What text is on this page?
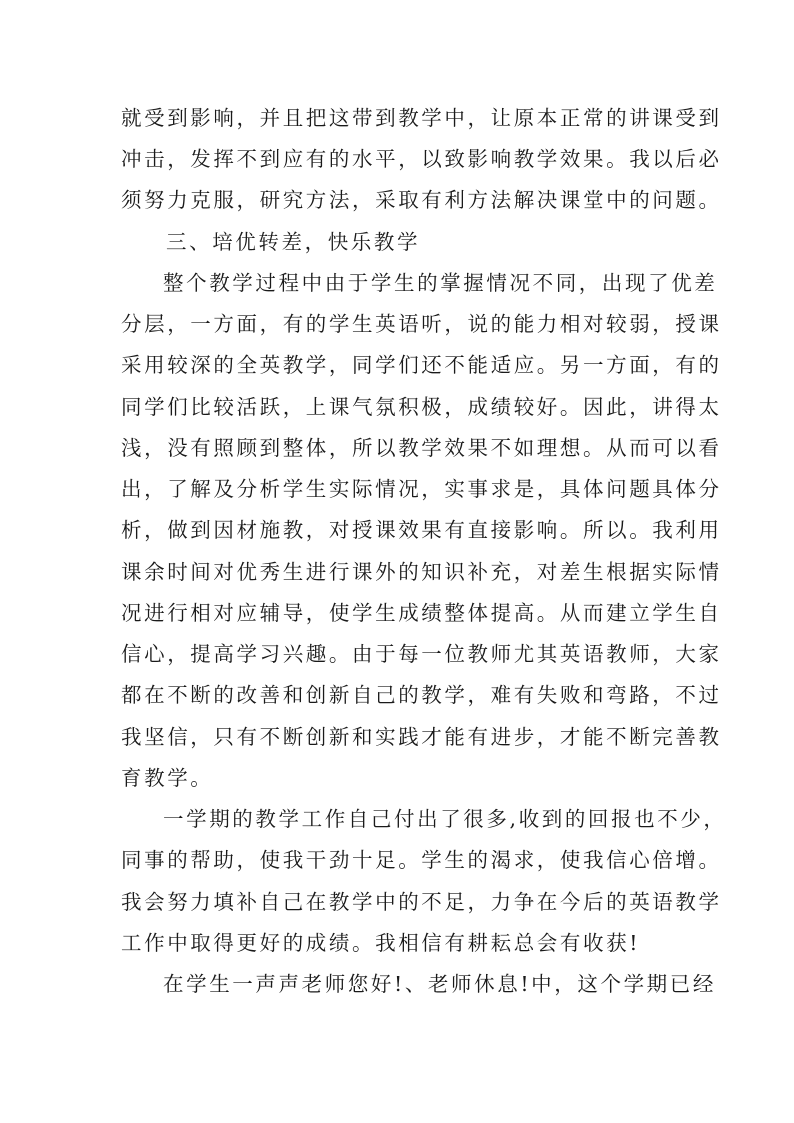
就受到影响，并且把这带到教学中，让原本正常的讲课受到
冲击，发挥不到应有的水平，以致影响教学效果。我以后必
须努力克服，研究方法，采取有利方法解决课堂中的问题。
三、培优转差，快乐教学
整个教学过程中由于学生的掌握情况不同，出现了优差
分层，一方面，有的学生英语听，说的能力相对较弱，授课
采用较深的全英教学，同学们还不能适应。另一方面，有的
同学们比较活跃，上课气氛积极，成绩较好。因此，讲得太
浅，没有照顾到整体，所以教学效果不如理想。从而可以看
出，了解及分析学生实际情况，实事求是，具体问题具体分
析，做到因材施教，对授课效果有直接影响。所以。我利用
课余时间对优秀生进行课外的知识补充，对差生根据实际情
况进行相对应辅导，使学生成绩整体提高。从而建立学生自
信心，提高学习兴趣。由于每一位教师尤其英语教师，大家
都在不断的改善和创新自己的教学，难有失败和弯路，不过
我坚信，只有不断创新和实践才能有进步，才能不断完善教
育教学。
一学期的教学工作自己付出了很多,收到的回报也不少，
同事的帮助，使我干劲十足。学生的渴求，使我信心倍增。
我会努力填补自己在教学中的不足，力争在今后的英语教学
工作中取得更好的成绩。我相信有耕耘总会有收获!
在学生一声声老师您好!、老师休息!中，这个学期已经
